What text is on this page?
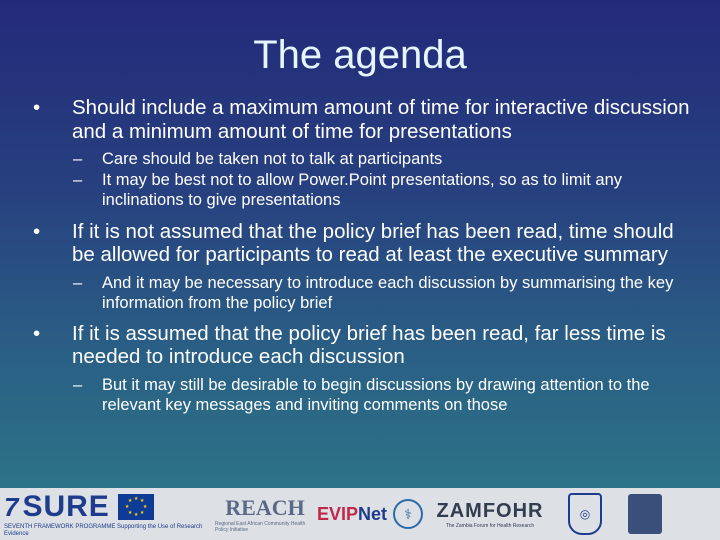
The agenda
• Should include a maximum amount of time for interactive discussion and a minimum amount of time for presentations
– Care should be taken not to talk at participants
– It may be best not to allow Power.Point presentations, so as to limit any inclinations to give presentations
• If it is not assumed that the policy brief has been read, time should be allowed for participants to read at least the executive summary
– And it may be necessary to introduce each discussion by summarising the key information from the policy brief
• If it is assumed that the policy brief has been read, far less time is needed to introduce each discussion
– But it may still be desirable to begin discussions by drawing attention to the relevant key messages and inviting comments on those
7 SURE	★ ★
★
★
★
★
★
★
SEVENTH FRAMEWORK PROGRAMME Supporting the Use of Research Evidence
REACH
Regional East African Community Health Policy Initiative
EVIPNet	⚕	ZAMFOHR
The Zambia Forum for Health Research
◎
